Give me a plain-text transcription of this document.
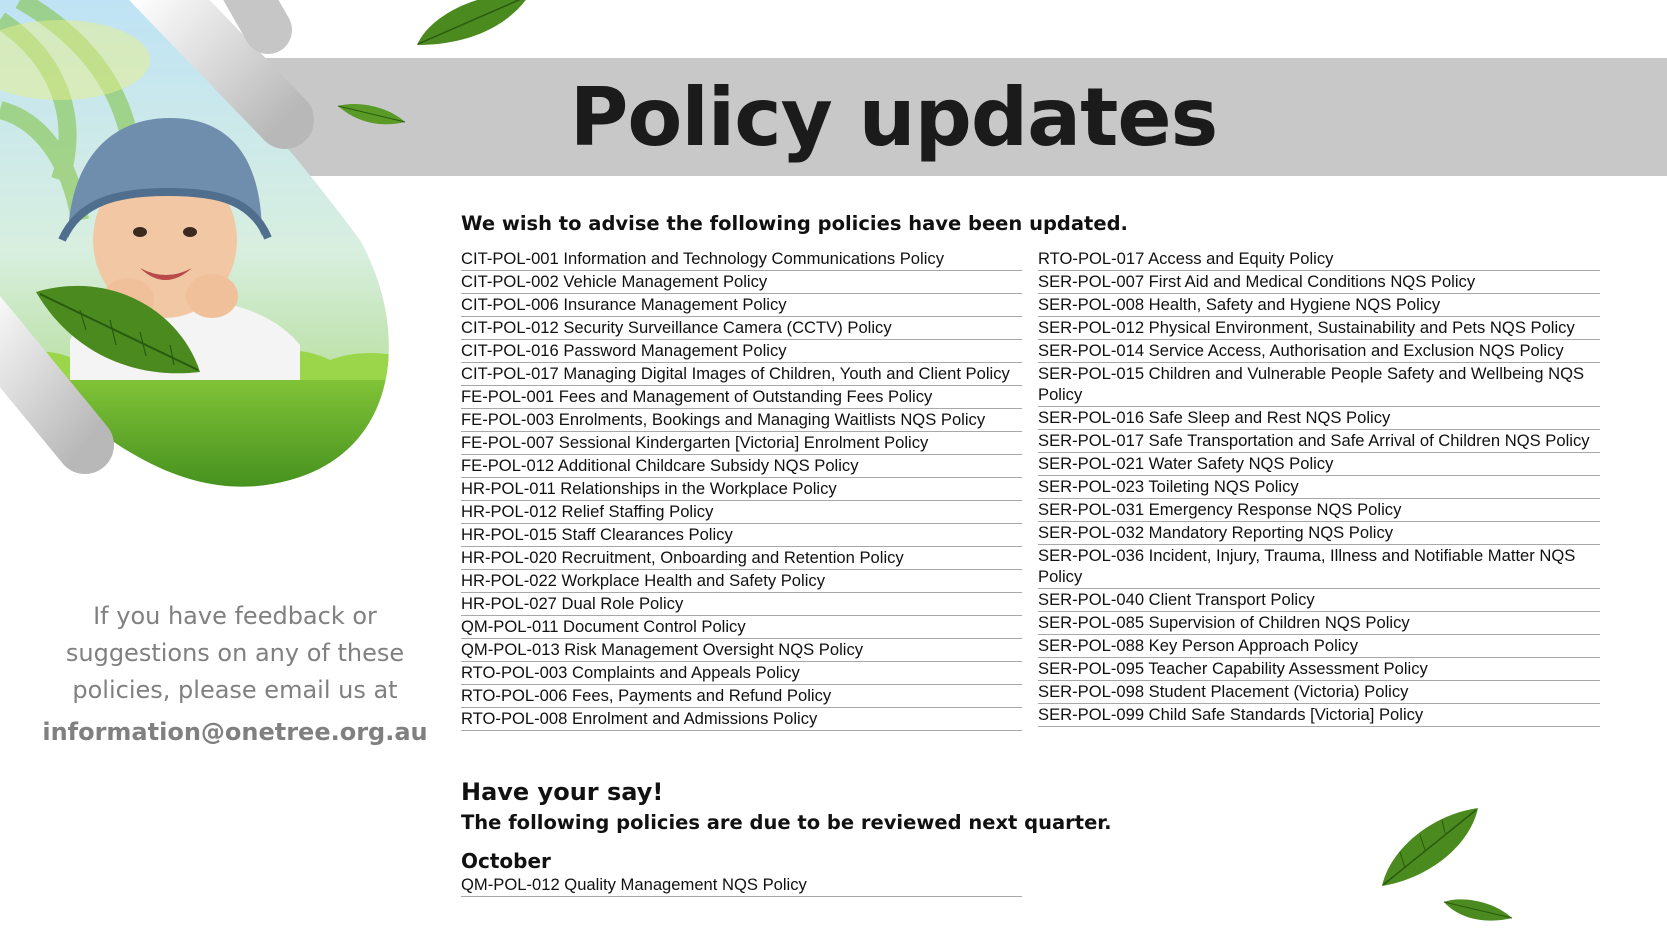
Policy updates
If you have feedback or
suggestions on any of these
policies, please email us at
information@onetree.org.au

We wish to advise the following policies have been updated.

CIT-POL-001 Information and Technology Communications Policy
CIT-POL-002 Vehicle Management Policy
CIT-POL-006 Insurance Management Policy
CIT-POL-012 Security Surveillance Camera (CCTV) Policy
CIT-POL-016 Password Management Policy
CIT-POL-017 Managing Digital Images of Children, Youth and Client Policy
FE-POL-001 Fees and Management of Outstanding Fees Policy
FE-POL-003 Enrolments, Bookings and Managing Waitlists NQS Policy
FE-POL-007 Sessional Kindergarten [Victoria] Enrolment Policy
FE-POL-012 Additional Childcare Subsidy NQS Policy
HR-POL-011 Relationships in the Workplace Policy
HR-POL-012 Relief Staffing Policy
HR-POL-015 Staff Clearances Policy
HR-POL-020 Recruitment, Onboarding and Retention Policy
HR-POL-022 Workplace Health and Safety Policy
HR-POL-027 Dual Role Policy
QM-POL-011 Document Control Policy
QM-POL-013 Risk Management Oversight NQS Policy
RTO-POL-003 Complaints and Appeals Policy
RTO-POL-006 Fees, Payments and Refund Policy
RTO-POL-008 Enrolment and Admissions Policy
RTO-POL-017 Access and Equity Policy
SER-POL-007 First Aid and Medical Conditions NQS Policy
SER-POL-008 Health, Safety and Hygiene NQS Policy
SER-POL-012 Physical Environment, Sustainability and Pets NQS Policy
SER-POL-014 Service Access, Authorisation and Exclusion NQS Policy
SER-POL-015 Children and Vulnerable People Safety and Wellbeing NQS Policy
SER-POL-016 Safe Sleep and Rest NQS Policy
SER-POL-017 Safe Transportation and Safe Arrival of Children NQS Policy
SER-POL-021 Water Safety NQS Policy
SER-POL-023 Toileting NQS Policy
SER-POL-031 Emergency Response NQS Policy
SER-POL-032 Mandatory Reporting NQS Policy
SER-POL-036 Incident, Injury, Trauma, Illness and Notifiable Matter NQS Policy
SER-POL-040 Client Transport Policy
SER-POL-085 Supervision of Children NQS Policy
SER-POL-088 Key Person Approach Policy
SER-POL-095 Teacher Capability Assessment Policy
SER-POL-098 Student Placement (Victoria) Policy
SER-POL-099 Child Safe Standards [Victoria] Policy
Have your say!

The following policies are due to be reviewed next quarter.

October
QM-POL-012 Quality Management NQS Policy
